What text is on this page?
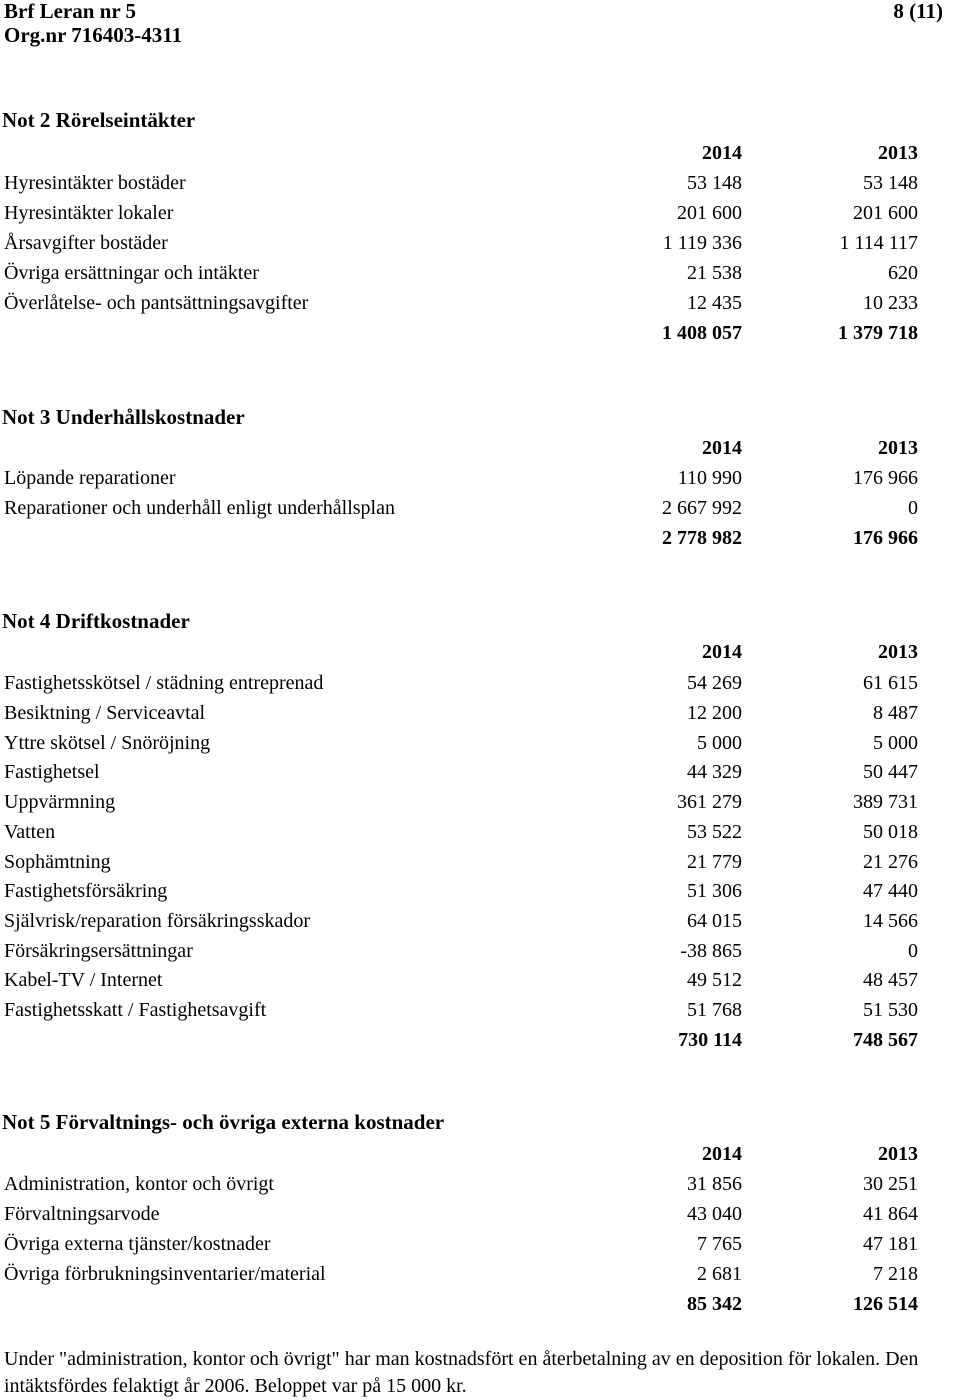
Brf Leran nr 5
Org.nr 716403-4311
8 (11)
Not 2 Rörelseintäkter
2014	2013
Hyresintäkter bostäder	53 148	53 148
Hyresintäkter lokaler	201 600	201 600
Årsavgifter bostäder	1 119 336	1 114 117
Övriga ersättningar och intäkter	21 538	620
Överlåtelse- och pantsättningsavgifter	12 435	10 233
1 408 057	1 379 718
Not 3 Underhållskostnader
2014	2013
Löpande reparationer	110 990	176 966
Reparationer och underhåll enligt underhållsplan	2 667 992	0
2 778 982	176 966
Not 4 Driftkostnader
2014	2013
Fastighetsskötsel / städning entreprenad	54 269	61 615
Besiktning / Serviceavtal	12 200	8 487
Yttre skötsel / Snöröjning	5 000	5 000
Fastighetsel	44 329	50 447
Uppvärmning	361 279	389 731
Vatten	53 522	50 018
Sophämtning	21 779	21 276
Fastighetsförsäkring	51 306	47 440
Självrisk/reparation försäkringsskador	64 015	14 566
Försäkringsersättningar	-38 865	0
Kabel-TV / Internet	49 512	48 457
Fastighetsskatt / Fastighetsavgift	51 768	51 530
730 114	748 567
Not 5 Förvaltnings- och övriga externa kostnader
2014	2013
Administration, kontor och övrigt	31 856	30 251
Förvaltningsarvode	43 040	41 864
Övriga externa tjänster/kostnader	7 765	47 181
Övriga förbrukningsinventarier/material	2 681	7 218
85 342	126 514
Under "administration, kontor och övrigt" har man kostnadsfört en återbetalning av en deposition för lokalen. Den intäktsfördes felaktigt år 2006. Beloppet var på 15 000 kr.
